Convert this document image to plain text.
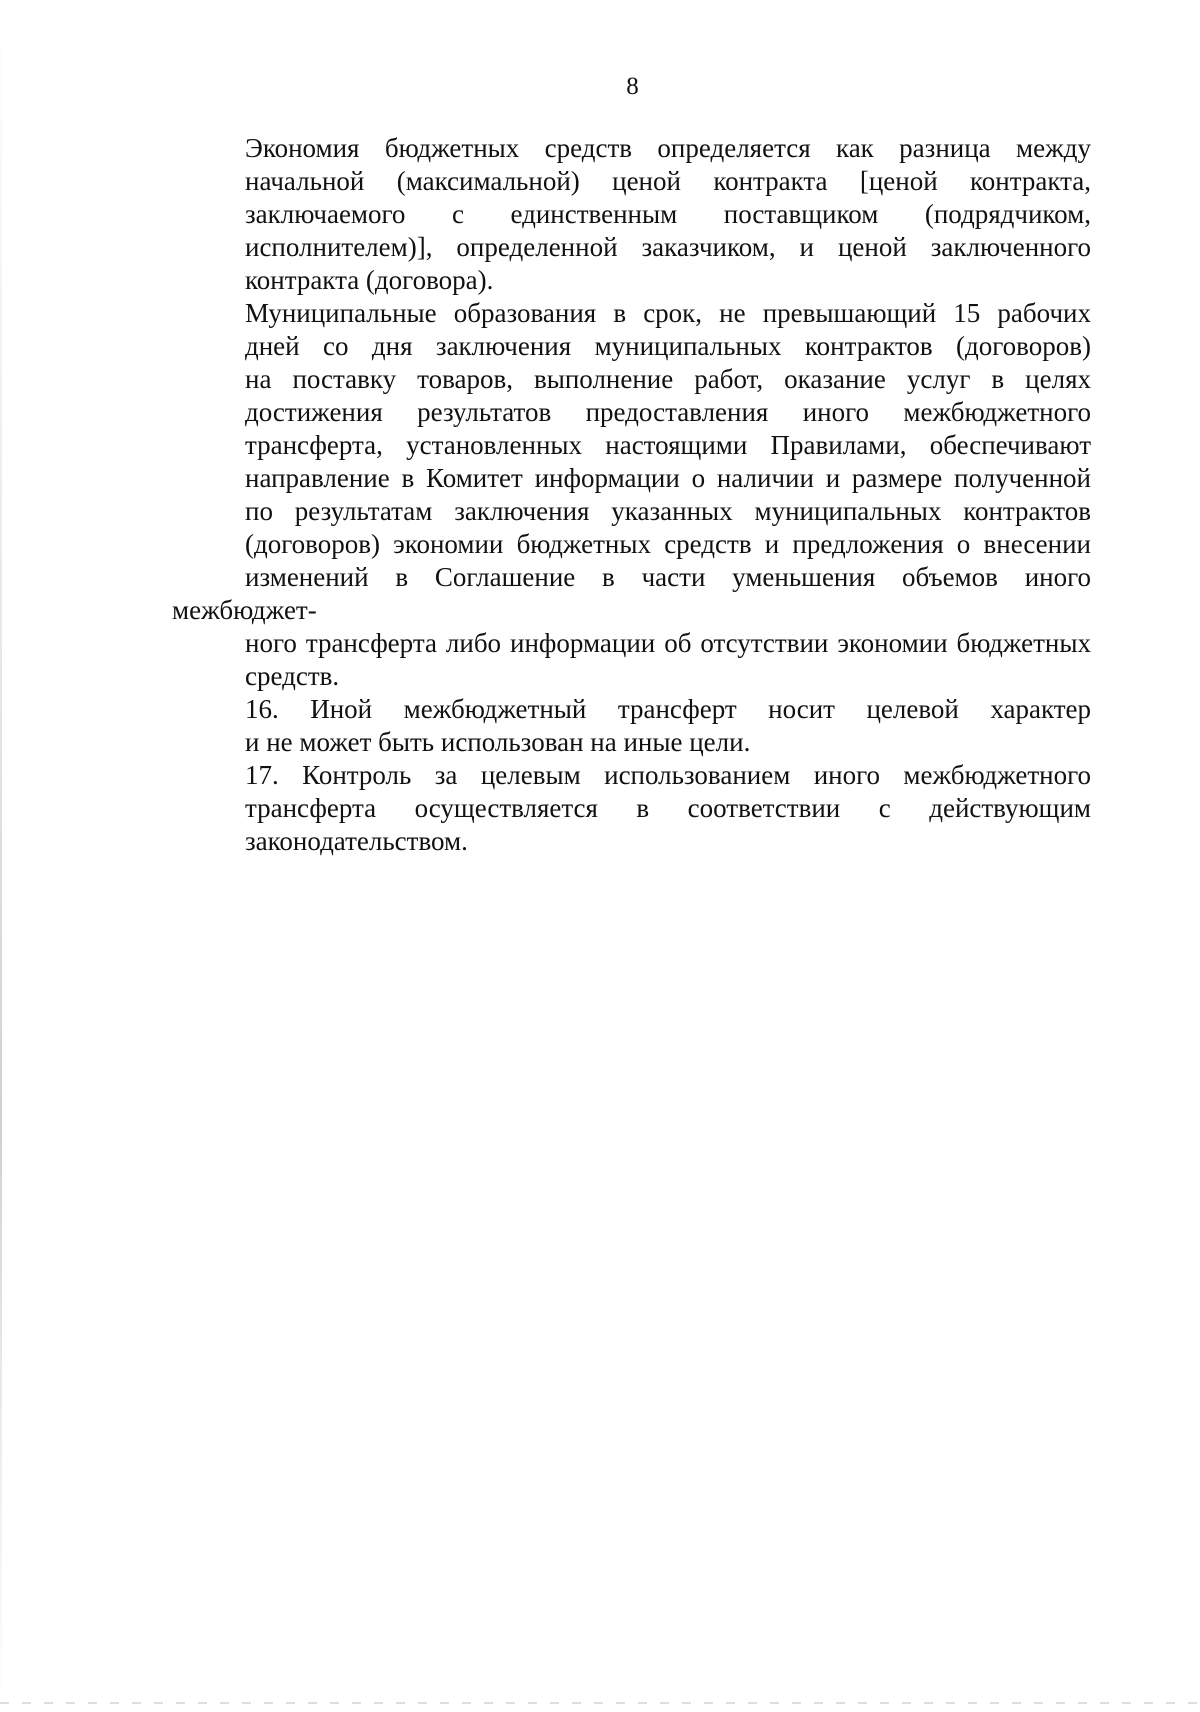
8
Экономия бюджетных средств определяется как разница между
начальной (максимальной) ценой контракта [ценой контракта,
заключаемого с единственным поставщиком (подрядчиком,
исполнителем)], определенной заказчиком, и ценой заключенного
контракта (договора).
Муниципальные образования в срок, не превышающий 15 рабочих
дней со дня заключения муниципальных контрактов (договоров)
на поставку товаров, выполнение работ, оказание услуг в целях
достижения результатов предоставления иного межбюджетного
трансферта, установленных настоящими Правилами, обеспечивают
направление в Комитет информации о наличии и размере полученной
по результатам заключения указанных муниципальных контрактов
(договоров) экономии бюджетных средств и предложения о внесении
изменений в Соглашение в части уменьшения объемов иного межбюджет-
ного трансферта либо информации об отсутствии экономии бюджетных
средств.
16. Иной межбюджетный трансферт носит целевой характер
и не может быть использован на иные цели.
17. Контроль за целевым использованием иного межбюджетного
трансферта осуществляется в соответствии с действующим
законодательством.
